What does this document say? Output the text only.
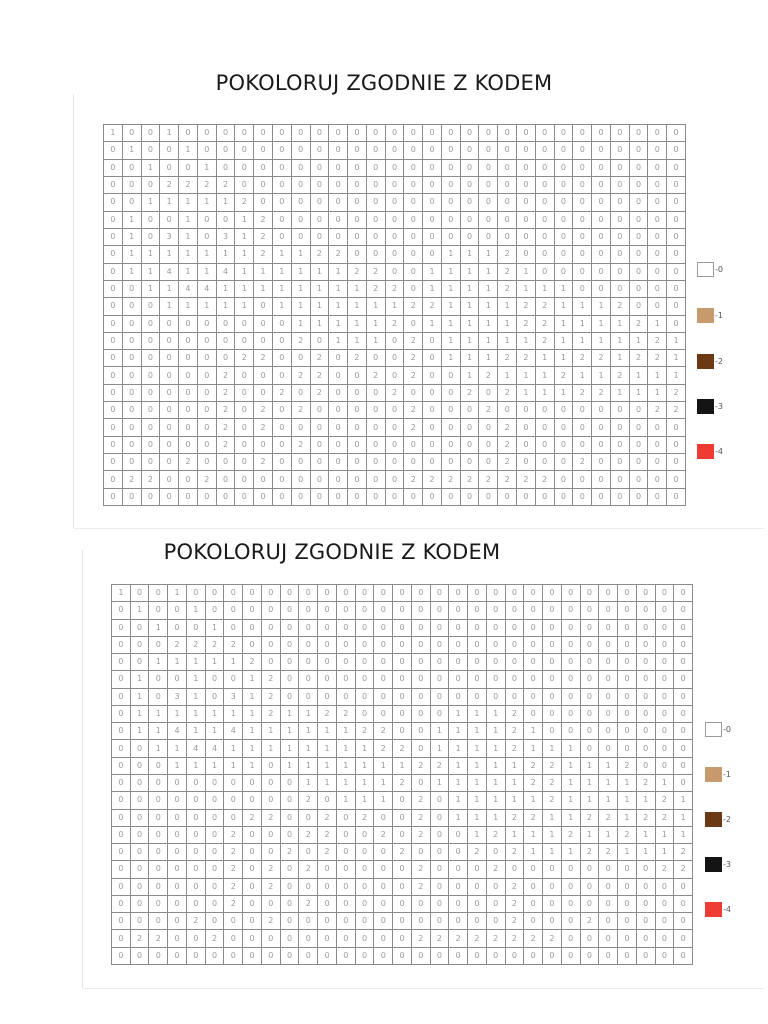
POKOLORUJ ZGODNIE Z KODEM
1	0	0	1	0	0	0	0	0	0	0	0	0	0	0	0	0	0	0	0	0	0	0	0	0	0	0	0	0	0	0
0	1	0	0	1	0	0	0	0	0	0	0	0	0	0	0	0	0	0	0	0	0	0	0	0	0	0	0	0	0	0
0	0	1	0	0	1	0	0	0	0	0	0	0	0	0	0	0	0	0	0	0	0	0	0	0	0	0	0	0	0	0
0	0	0	2	2	2	2	0	0	0	0	0	0	0	0	0	0	0	0	0	0	0	0	0	0	0	0	0	0	0	0
0	0	1	1	1	1	1	2	0	0	0	0	0	0	0	0	0	0	0	0	0	0	0	0	0	0	0	0	0	0	0
0	1	0	0	1	0	0	1	2	0	0	0	0	0	0	0	0	0	0	0	0	0	0	0	0	0	0	0	0	0	0
0	1	0	3	1	0	3	1	2	0	0	0	0	0	0	0	0	0	0	0	0	0	0	0	0	0	0	0	0	0	0
0	1	1	1	1	1	1	1	2	1	1	2	2	0	0	0	0	0	1	1	1	2	0	0	0	0	0	0	0	0	0
0	1	1	4	1	1	4	1	1	1	1	1	1	2	2	0	0	1	1	1	1	2	1	0	0	0	0	0	0	0	0
0	0	1	1	4	4	1	1	1	1	1	1	1	1	2	2	0	1	1	1	1	2	1	1	1	0	0	0	0	0	0
0	0	0	1	1	1	1	1	0	1	1	1	1	1	1	1	2	2	1	1	1	1	2	2	1	1	1	2	0	0	0
0	0	0	0	0	0	0	0	0	0	1	1	1	1	1	2	0	1	1	1	1	1	2	2	1	1	1	1	2	1	0
0	0	0	0	0	0	0	0	0	0	2	0	1	1	1	0	2	0	1	1	1	1	1	2	1	1	1	1	1	2	1
0	0	0	0	0	0	0	2	2	0	0	2	0	2	0	0	2	0	1	1	1	2	2	1	1	2	2	1	2	2	1
0	0	0	0	0	0	2	0	0	0	2	2	0	0	2	0	2	0	0	1	2	1	1	1	2	1	1	2	1	1	1
0	0	0	0	0	0	2	0	0	2	0	2	0	0	0	2	0	0	0	2	0	2	1	1	1	2	2	1	1	1	2
0	0	0	0	0	0	2	0	2	0	2	0	0	0	0	0	2	0	0	0	2	0	0	0	0	0	0	0	0	2	2
0	0	0	0	0	0	2	0	2	0	0	0	0	0	0	0	2	0	0	0	0	2	0	0	0	0	0	0	0	0	0
0	0	0	0	0	0	2	0	0	0	2	0	0	0	0	0	0	0	0	0	0	2	0	0	0	0	0	0	0	0	0
0	0	0	0	2	0	0	0	2	0	0	0	0	0	0	0	0	0	0	0	0	2	0	0	0	2	0	0	0	0	0
0	2	2	0	0	2	0	0	0	0	0	0	0	0	0	0	2	2	2	2	2	2	2	2	0	0	0	0	0	0	0
0	0	0	0	0	0	0	0	0	0	0	0	0	0	0	0	0	0	0	0	0	0	0	0	0	0	0	0	0	0	0
-0
-1
-2
-3
-4
POKOLORUJ ZGODNIE Z KODEM
1	0	0	1	0	0	0	0	0	0	0	0	0	0	0	0	0	0	0	0	0	0	0	0	0	0	0	0	0	0	0
0	1	0	0	1	0	0	0	0	0	0	0	0	0	0	0	0	0	0	0	0	0	0	0	0	0	0	0	0	0	0
0	0	1	0	0	1	0	0	0	0	0	0	0	0	0	0	0	0	0	0	0	0	0	0	0	0	0	0	0	0	0
0	0	0	2	2	2	2	0	0	0	0	0	0	0	0	0	0	0	0	0	0	0	0	0	0	0	0	0	0	0	0
0	0	1	1	1	1	1	2	0	0	0	0	0	0	0	0	0	0	0	0	0	0	0	0	0	0	0	0	0	0	0
0	1	0	0	1	0	0	1	2	0	0	0	0	0	0	0	0	0	0	0	0	0	0	0	0	0	0	0	0	0	0
0	1	0	3	1	0	3	1	2	0	0	0	0	0	0	0	0	0	0	0	0	0	0	0	0	0	0	0	0	0	0
0	1	1	1	1	1	1	1	2	1	1	2	2	0	0	0	0	0	1	1	1	2	0	0	0	0	0	0	0	0	0
0	1	1	4	1	1	4	1	1	1	1	1	1	2	2	0	0	1	1	1	1	2	1	0	0	0	0	0	0	0	0
0	0	1	1	4	4	1	1	1	1	1	1	1	1	2	2	0	1	1	1	1	2	1	1	1	0	0	0	0	0	0
0	0	0	1	1	1	1	1	0	1	1	1	1	1	1	1	2	2	1	1	1	1	2	2	1	1	1	2	0	0	0
0	0	0	0	0	0	0	0	0	0	1	1	1	1	1	2	0	1	1	1	1	1	2	2	1	1	1	1	2	1	0
0	0	0	0	0	0	0	0	0	0	2	0	1	1	1	0	2	0	1	1	1	1	1	2	1	1	1	1	1	2	1
0	0	0	0	0	0	0	2	2	0	0	2	0	2	0	0	2	0	1	1	1	2	2	1	1	2	2	1	2	2	1
0	0	0	0	0	0	2	0	0	0	2	2	0	0	2	0	2	0	0	1	2	1	1	1	2	1	1	2	1	1	1
0	0	0	0	0	0	2	0	0	2	0	2	0	0	0	2	0	0	0	2	0	2	1	1	1	2	2	1	1	1	2
0	0	0	0	0	0	2	0	2	0	2	0	0	0	0	0	2	0	0	0	2	0	0	0	0	0	0	0	0	2	2
0	0	0	0	0	0	2	0	2	0	0	0	0	0	0	0	2	0	0	0	0	2	0	0	0	0	0	0	0	0	0
0	0	0	0	0	0	2	0	0	0	2	0	0	0	0	0	0	0	0	0	0	2	0	0	0	0	0	0	0	0	0
0	0	0	0	2	0	0	0	2	0	0	0	0	0	0	0	0	0	0	0	0	2	0	0	0	2	0	0	0	0	0
0	2	2	0	0	2	0	0	0	0	0	0	0	0	0	0	2	2	2	2	2	2	2	2	0	0	0	0	0	0	0
0	0	0	0	0	0	0	0	0	0	0	0	0	0	0	0	0	0	0	0	0	0	0	0	0	0	0	0	0	0	0
-0
-1
-2
-3
-4
